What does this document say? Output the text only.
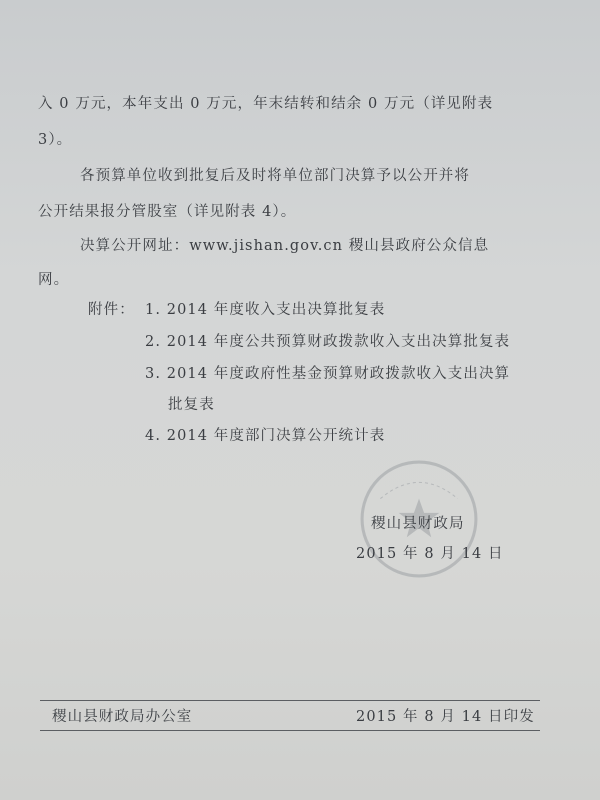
入 0 万元，本年支出 0 万元，年末结转和结余 0 万元（详见附表
3）。
各预算单位收到批复后及时将单位部门决算予以公开并将
公开结果报分管股室（详见附表 4）。
决算公开网址：www.jishan.gov.cn 稷山县政府公众信息
网。
附件： 1. 2014 年度收入支出决算批复表
2. 2014 年度公共预算财政拨款收入支出决算批复表
3. 2014 年度政府性基金预算财政拨款收入支出决算
批复表
4. 2014 年度部门决算公开统计表
稷山县财政局
2015 年 8 月 14 日
稷山县财政局办公室	2015 年 8 月 14 日印发
